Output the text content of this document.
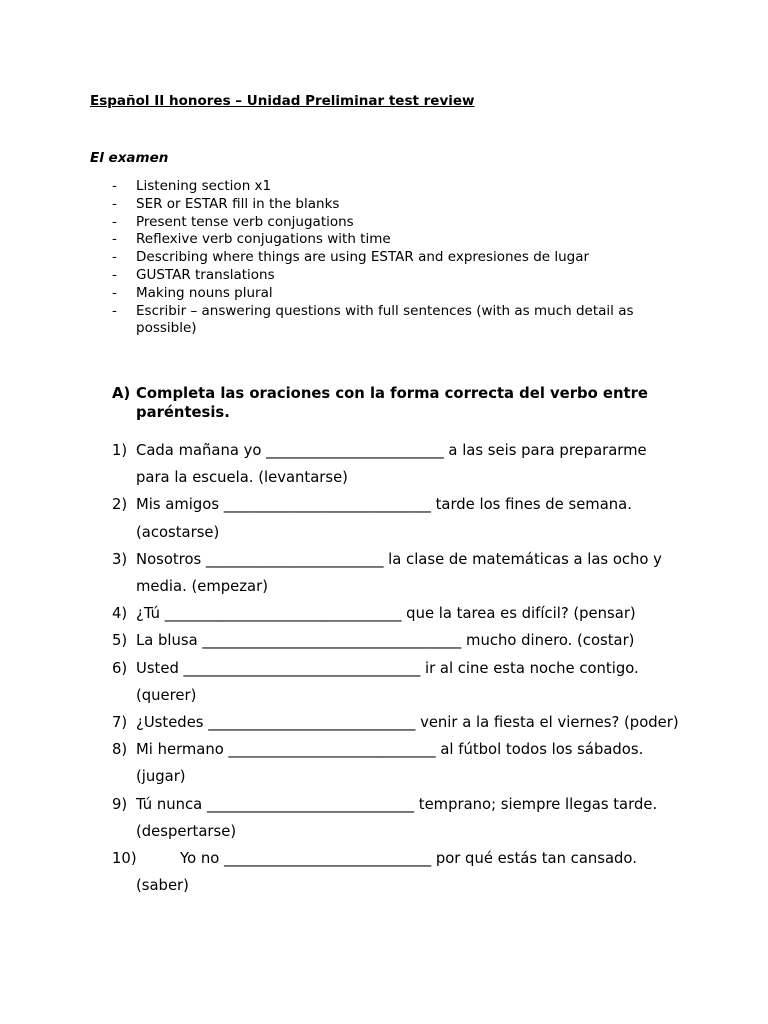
Español II honores – Unidad Preliminar test review
El examen
-	Listening section x1
-	SER or ESTAR fill in the blanks
-	Present tense verb conjugations
-	Reflexive verb conjugations with time
-	Describing where things are using ESTAR and expresiones de lugar
-	GUSTAR translations
-	Making nouns plural
-	Escribir – answering questions with full sentences (with as much detail as possible)
A) Completa las oraciones con la forma correcta del verbo entre paréntesis.
1) Cada mañana yo ________________________ a las seis para prepararme para la escuela. (levantarse)
2) Mis amigos ____________________________ tarde los fines de semana. (acostarse)
3) Nosotros ________________________ la clase de matemáticas a las ocho y media. (empezar)
4) ¿Tú ________________________________ que la tarea es difícil? (pensar)
5) La blusa ___________________________________ mucho dinero. (costar)
6) Usted ________________________________ ir al cine esta noche contigo. (querer)
7) ¿Ustedes ____________________________ venir a la fiesta el viernes? (poder)
8) Mi hermano ____________________________ al fútbol todos los sábados. (jugar)
9) Tú nunca ____________________________ temprano; siempre llegas tarde. (despertarse)
10)	Yo no ____________________________ por qué estás tan cansado. (saber)
